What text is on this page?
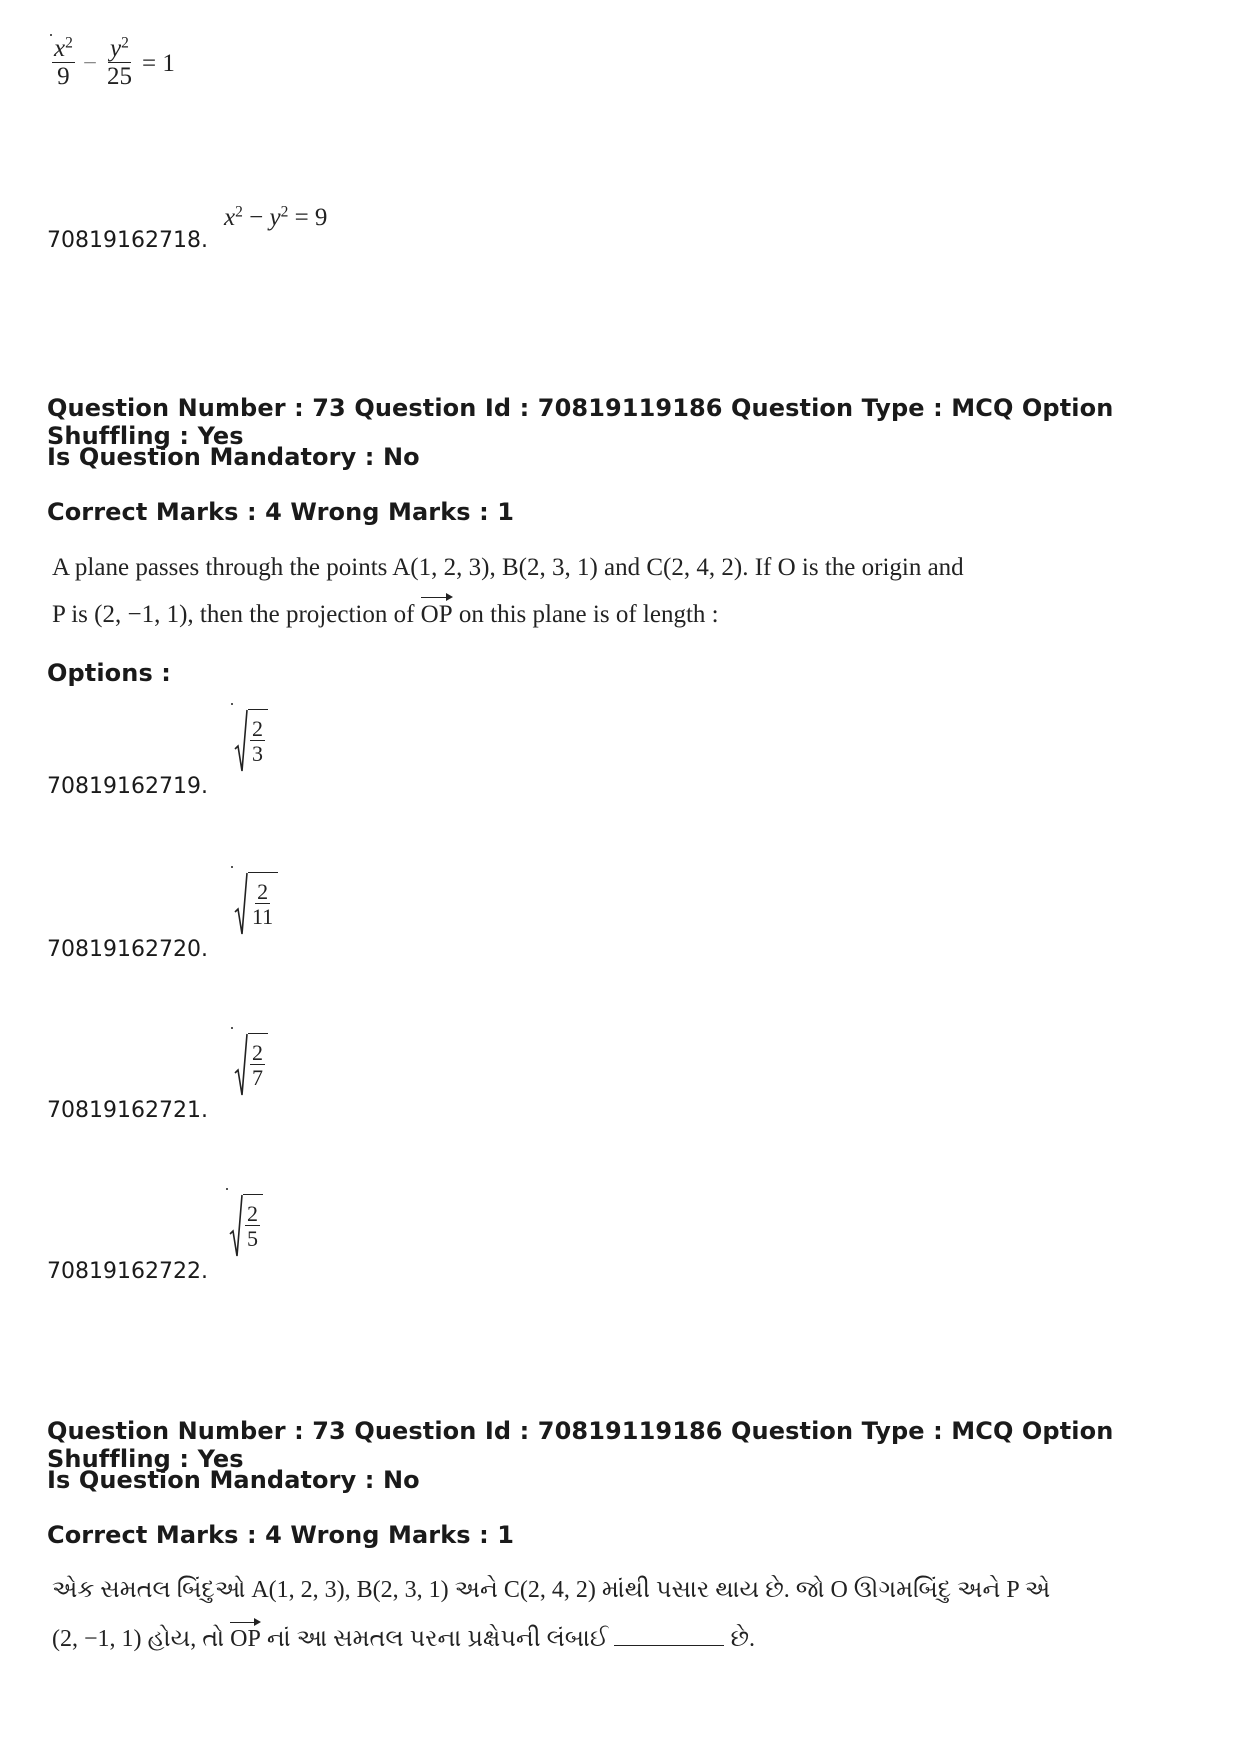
$\frac{x^2}{9} - \frac{y^2}{25} = 1$
70819162718.
$x^2 - y^2 = 9$
Question Number : 73 Question Id : 70819119186 Question Type : MCQ Option Shuffling : Yes
Is Question Mandatory : No
Correct Marks : 4 Wrong Marks : 1
A plane passes through the points A(1, 2, 3), B(2, 3, 1) and C(2, 4, 2). If O is the origin and
P is (2, −1, 1), then the projection of OP on this plane is of length :
Options :
$\frac{2}{3}$
70819162719.
$\frac{2}{11}$
70819162720.
$\frac{2}{7}$
70819162721.
$\frac{2}{5}$
70819162722.
Question Number : 73 Question Id : 70819119186 Question Type : MCQ Option Shuffling : Yes
Is Question Mandatory : No
Correct Marks : 4 Wrong Marks : 1
એક સમતલ બિંદુઓ A(1, 2, 3), B(2, 3, 1) અને C(2, 4, 2) માંથી પસાર થાય છે. જો O ઊગમબિંદુ અને P એ
(2, −1, 1) હોય, તો OP નાં આ સમતલ પરના પ્રક્ષેપની લંબાઈ	છે.
